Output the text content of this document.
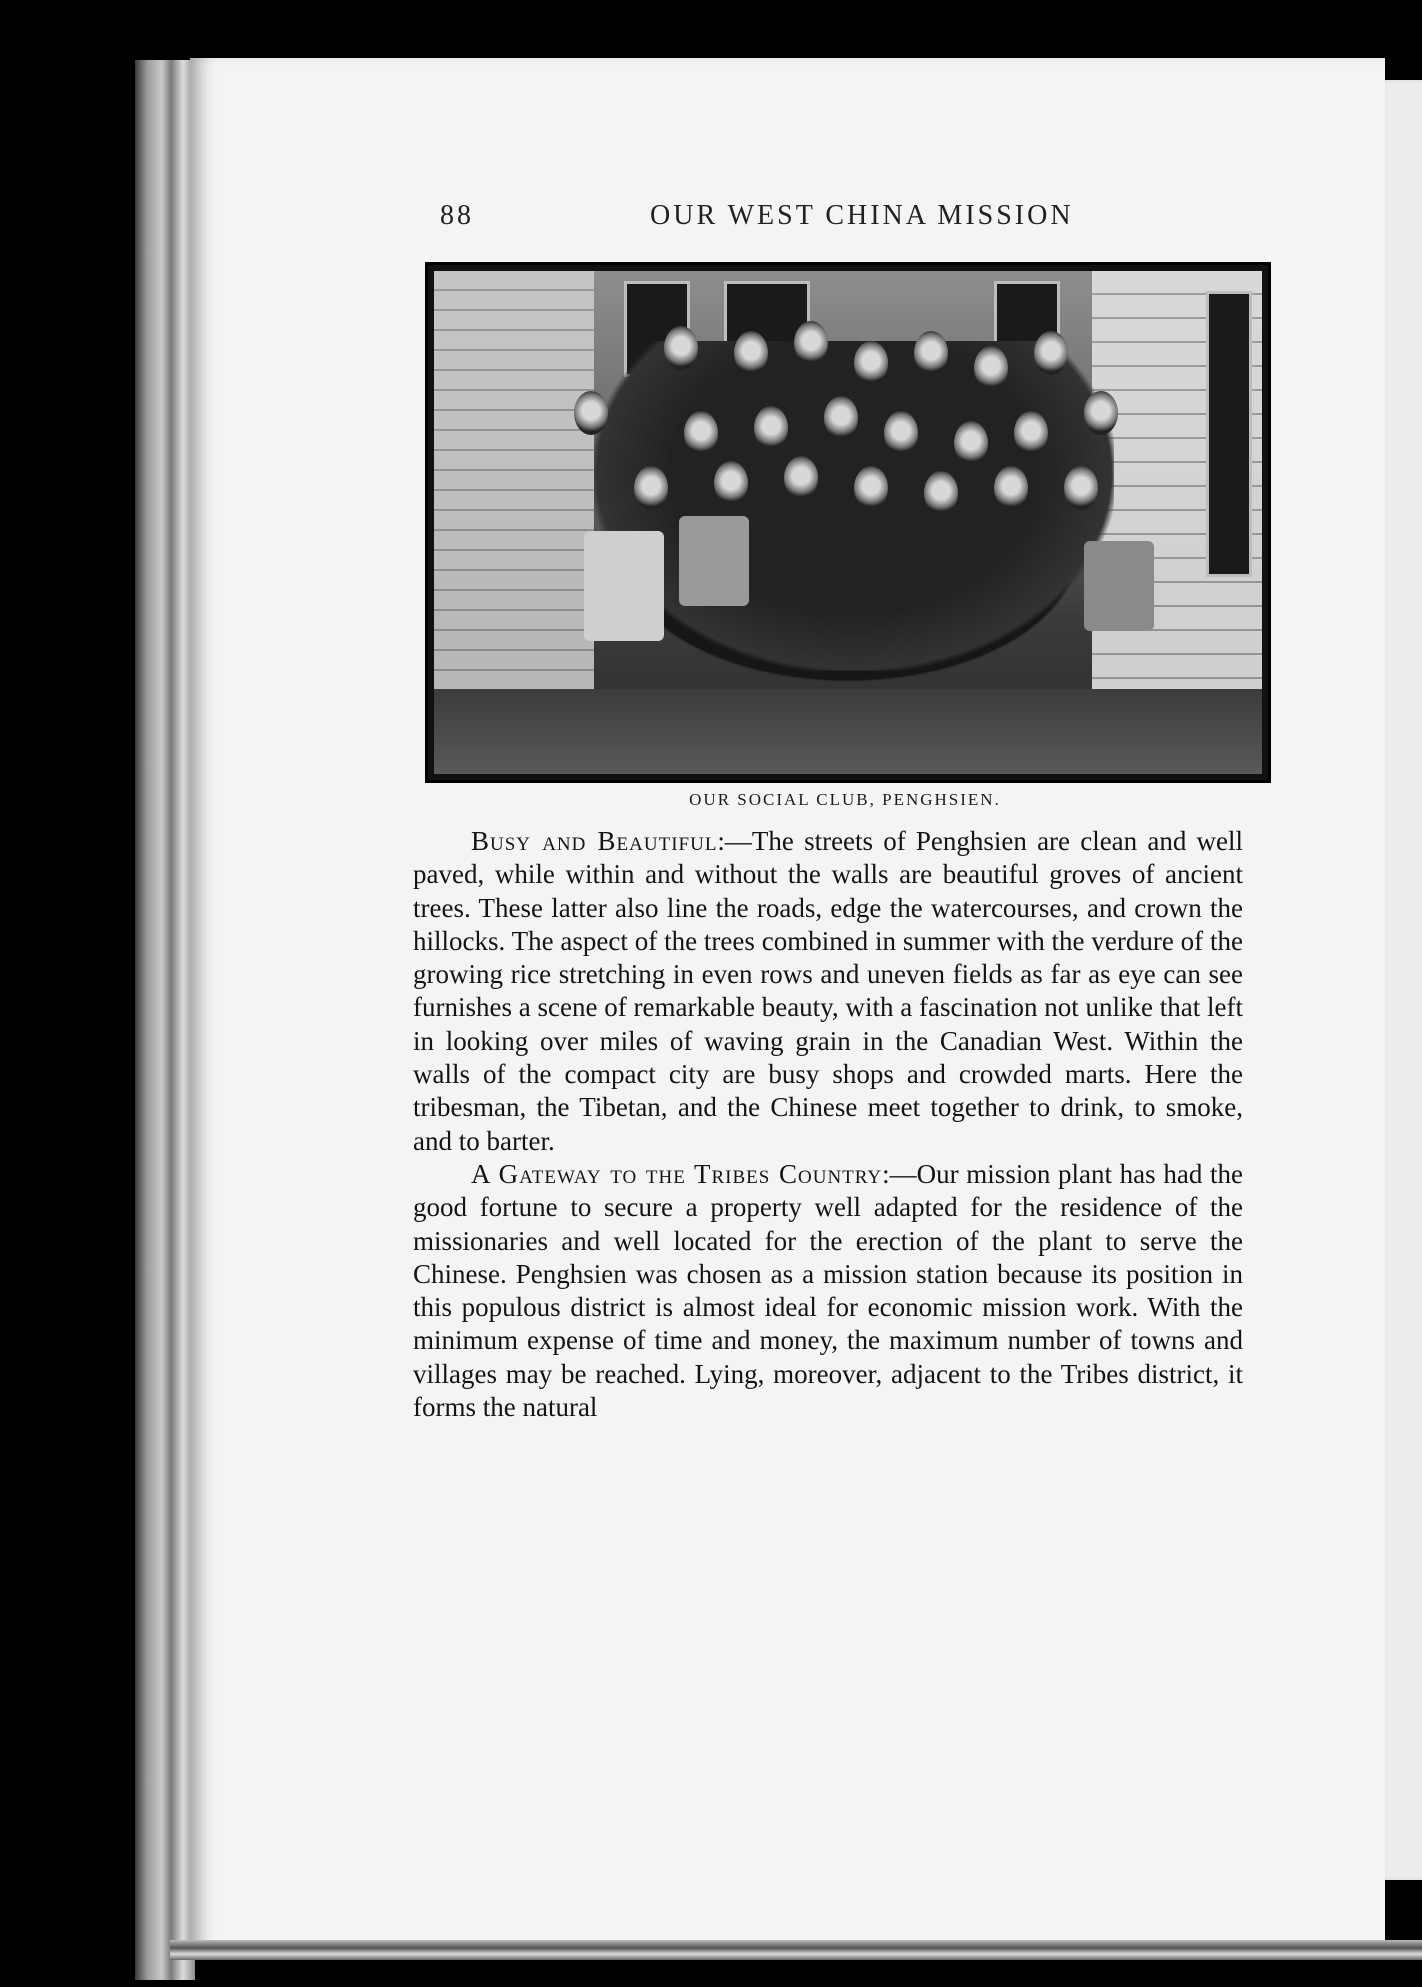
88	OUR WEST CHINA MISSION
OUR SOCIAL CLUB, PENGHSIEN.

Busy and Beautiful:—The streets of Penghsien are clean and well paved, while within and without the walls are beautiful groves of ancient trees. These latter also line the roads, edge the watercourses, and crown the hillocks. The aspect of the trees combined in summer with the verdure of the growing rice stretching in even rows and uneven fields as far as eye can see furnishes a scene of remarkable beauty, with a fascination not unlike that left in looking over miles of waving grain in the Canadian West. Within the walls of the compact city are busy shops and crowded marts. Here the tribesman, the Tibetan, and the Chinese meet together to drink, to smoke, and to barter.

A Gateway to the Tribes Country:—Our mission plant has had the good fortune to secure a property well adapted for the residence of the missionaries and well located for the erection of the plant to serve the Chinese. Penghsien was chosen as a mission station because its position in this populous district is almost ideal for economic mission work. With the minimum expense of time and money, the maximum number of towns and villages may be reached. Lying, moreover, adjacent to the Tribes district, it forms the natural
